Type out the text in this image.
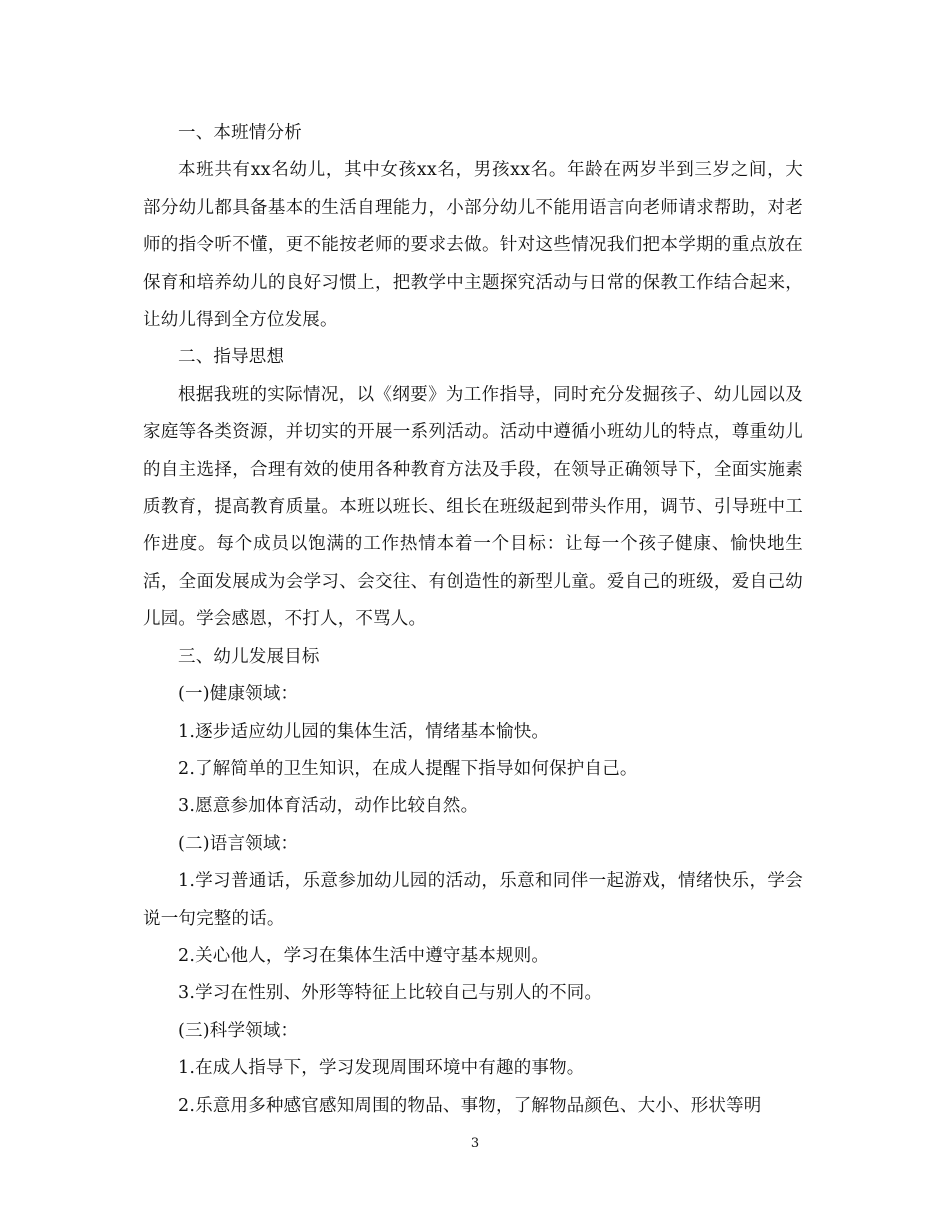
一、本班情分析

本班共有xx名幼儿，其中女孩xx名，男孩xx名。年龄在两岁半到三岁之间，大部分幼儿都具备基本的生活自理能力，小部分幼儿不能用语言向老师请求帮助，对老师的指令听不懂，更不能按老师的要求去做。针对这些情况我们把本学期的重点放在保育和培养幼儿的良好习惯上，把教学中主题探究活动与日常的保教工作结合起来，让幼儿得到全方位发展。

二、指导思想

根据我班的实际情况，以《纲要》为工作指导，同时充分发掘孩子、幼儿园以及家庭等各类资源，并切实的开展一系列活动。活动中遵循小班幼儿的特点，尊重幼儿的自主选择，合理有效的使用各种教育方法及手段，在领导正确领导下，全面实施素质教育，提高教育质量。本班以班长、组长在班级起到带头作用，调节、引导班中工作进度。每个成员以饱满的工作热情本着一个目标：让每一个孩子健康、愉快地生活，全面发展成为会学习、会交往、有创造性的新型儿童。爱自己的班级，爱自己幼儿园。学会感恩，不打人，不骂人。

三、幼儿发展目标

(一)健康领域：

1.逐步适应幼儿园的集体生活，情绪基本愉快。

2.了解简单的卫生知识，在成人提醒下指导如何保护自己。

3.愿意参加体育活动，动作比较自然。

(二)语言领域：

1.学习普通话，乐意参加幼儿园的活动，乐意和同伴一起游戏，情绪快乐，学会说一句完整的话。

2.关心他人，学习在集体生活中遵守基本规则。

3.学习在性别、外形等特征上比较自己与别人的不同。

(三)科学领域：

1.在成人指导下，学习发现周围环境中有趣的事物。

2.乐意用多种感官感知周围的物品、事物，了解物品颜色、大小、形状等明

3
